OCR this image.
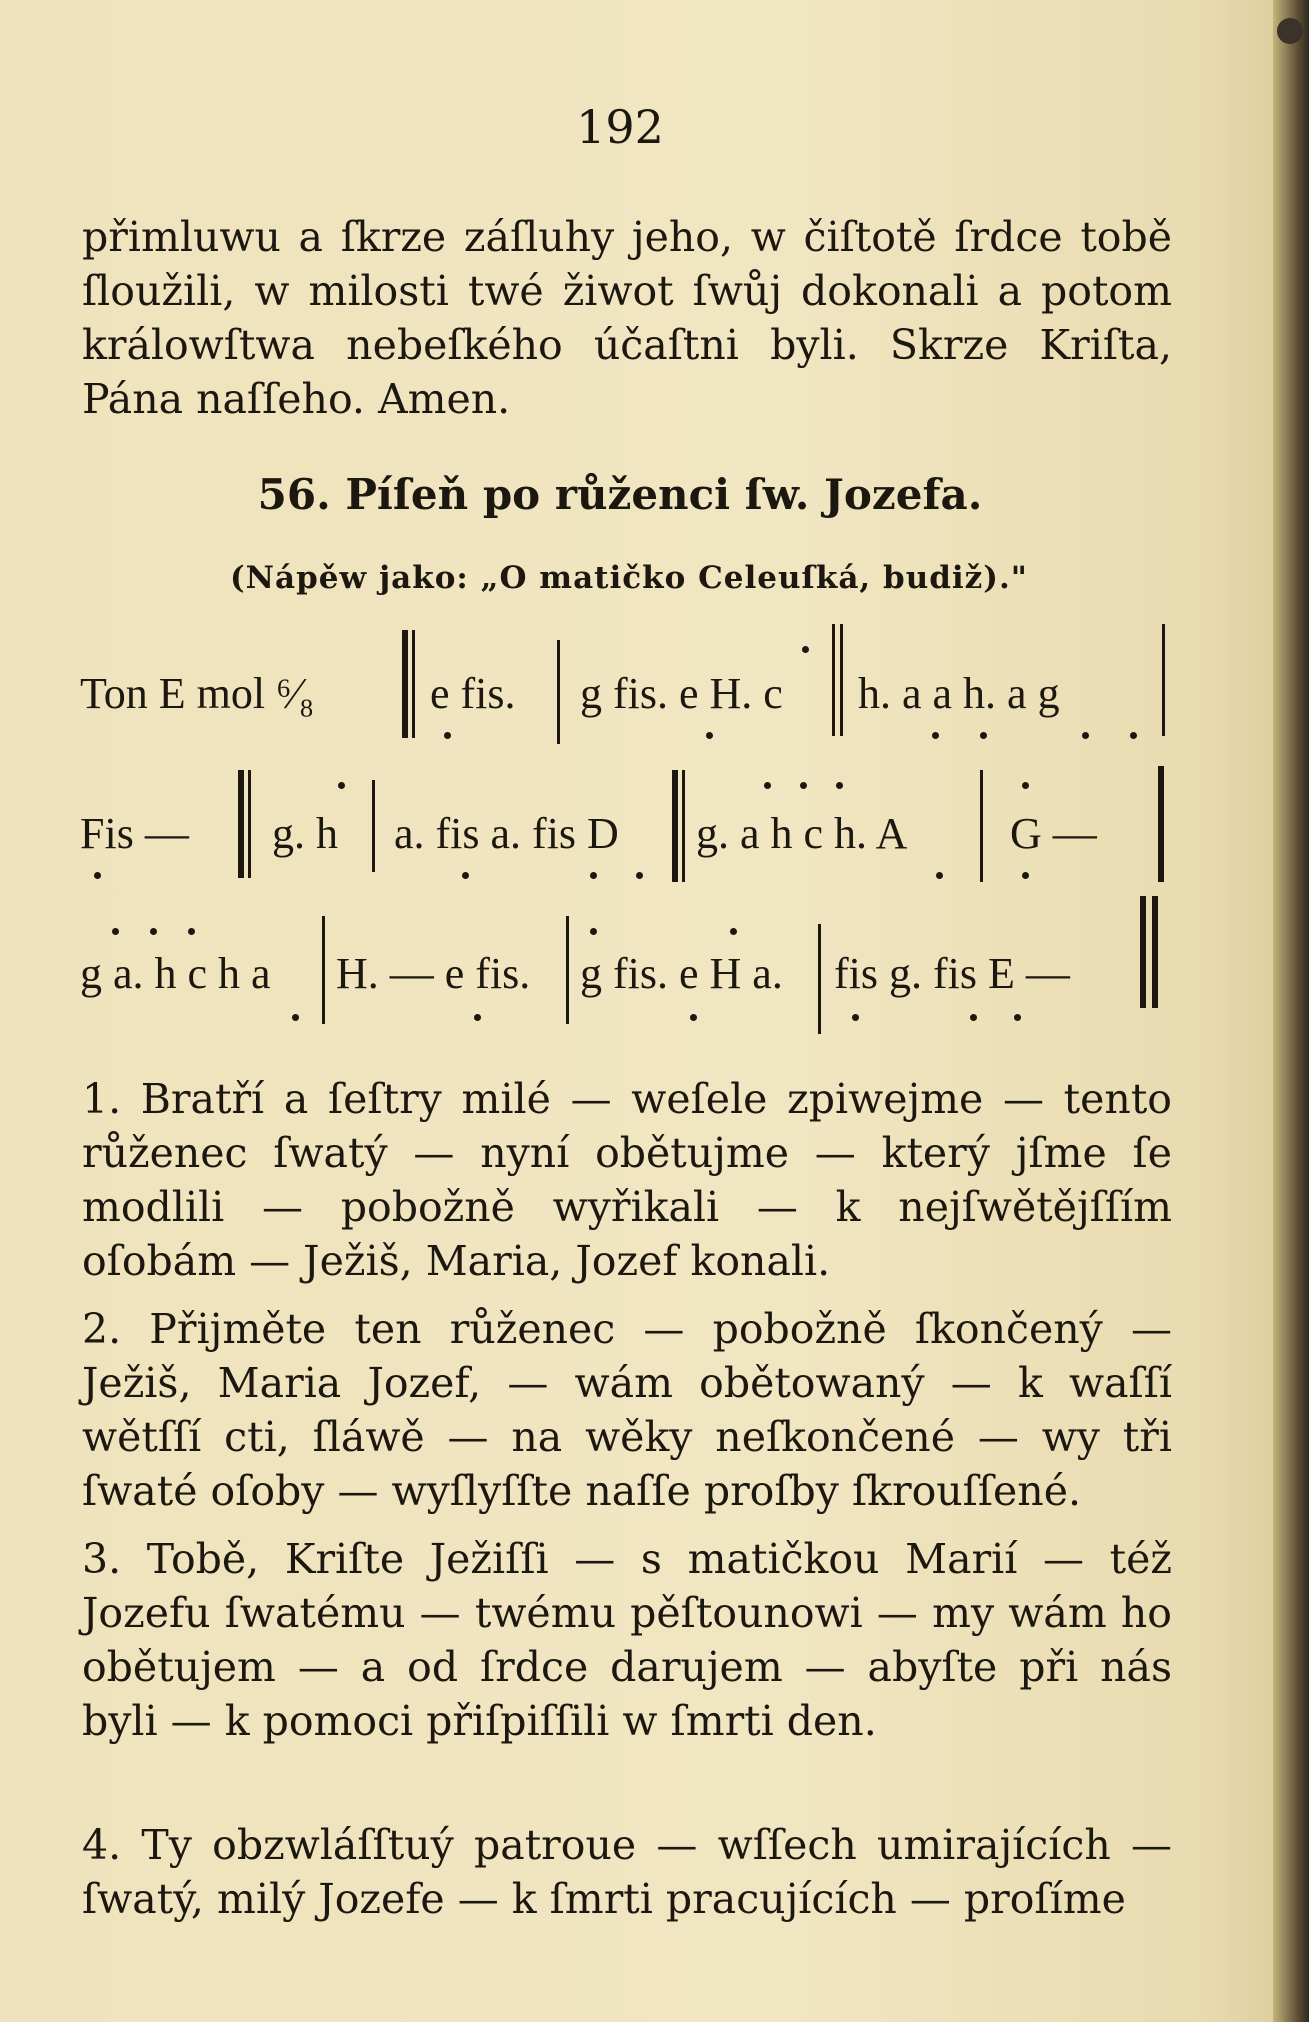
192
přimluwu a ſkrze záſluhy jeho, w čiſtotě ſrdce tobě ſloužili, w milosti twé žiwot ſwůj dokonali a potom králowſtwa nebeſkého účaſtni byli. Skrze Kriſta, Pána naſſeho. Amen.
56. Píſeň po růženci ſw. Jozefa.
(Nápěw jako: „O matičko Celeuſká, budiž)."
Ton E mol ⁶⁄₈	e fis. g fis. e H. c h. a a h. a g
Fis — g. h a. fis a. fis D g. a h c h. A G —
g a. h c h a H. — e fis. g fis. e H a. fis g. fis E —
1. Bratří a ſeſtry milé — weſele zpiwejme — tento růženec ſwatý — nyní obětujme — který jſme ſe modlili — pobožně wyřikali — k nejſwětějſſím oſobám — Ježiš, Maria, Jozef konali.
2. Přijměte ten růženec — pobožně ſkončený — Ježiš, Maria Jozef, — wám obětowaný — k waſſí wětſſí cti, ſláwě — na wěky neſkončené — wy tři ſwaté oſoby — wyſlyſſte naſſe proſby ſkrouſſené.
3. Tobě, Kriſte Ježiſſi — s matičkou Marií — též Jozefu ſwatému — twému pěſtounowi — my wám ho obětujem — a od ſrdce darujem — abyſte při nás byli — k pomoci přiſpiſſili w ſmrti den.
4. Ty obzwláſſtuý patroue — wſſech umirajících — ſwatý, milý Jozefe — k ſmrti pracujících — proſíme
